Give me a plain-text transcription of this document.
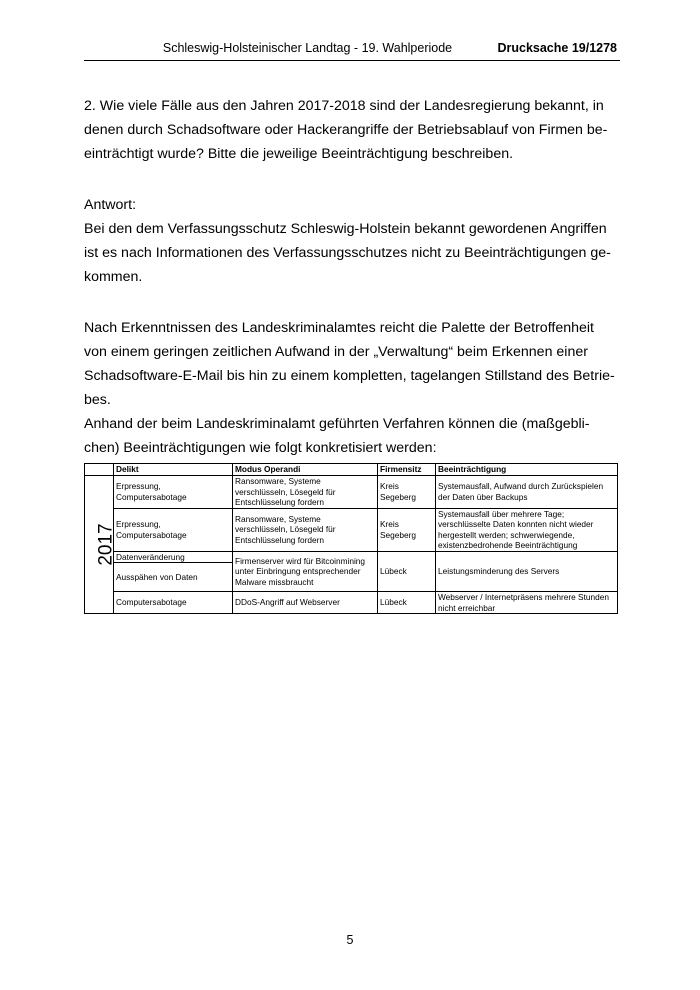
Schleswig-Holsteinischer Landtag - 19. Wahlperiode	Drucksache 19/1278

2. Wie viele Fälle aus den Jahren 2017-2018 sind der Landesregierung bekannt, in
denen durch Schadsoftware oder Hackerangriffe der Betriebsablauf von Firmen be-
einträchtigt wurde? Bitte die jeweilige Beeinträchtigung beschreiben.

Antwort:
Bei den dem Verfassungsschutz Schleswig-Holstein bekannt gewordenen Angriffen
ist es nach Informationen des Verfassungsschutzes nicht zu Beeinträchtigungen ge-
kommen.

Nach Erkenntnissen des Landeskriminalamtes reicht die Palette der Betroffenheit
von einem geringen zeitlichen Aufwand in der „Verwaltung“ beim Erkennen einer
Schadsoftware-E-Mail bis hin zu einem kompletten, tagelangen Stillstand des Betrie-
bes.
Anhand der beim Landeskriminalamt geführten Verfahren können die (maßgebli-
chen) Beeinträchtigungen wie folgt konkretisiert werden:

	Delikt	Modus Operandi	Firmensitz	Beeinträchtigung
2017	Erpressung, Computersabotage	Ransomware, Systeme verschlüsseln, Lösegeld für Entschlüsselung fordern	Kreis Segeberg	Systemausfall, Aufwand durch Zurückspielen der Daten über Backups
	Erpressung, Computersabotage	Ransomware, Systeme verschlüsseln, Lösegeld für Entschlüsselung fordern	Kreis Segeberg	Systemausfall über mehrere Tage; verschlüsselte Daten konnten nicht wieder hergestellt werden; schwerwiegende, existenzbedrohende Beeinträchtigung
	Datenveränderung	Firmenserver wird für Bitcoinmining unter Einbringung entsprechender Malware missbraucht	Lübeck	Leistungsminderung des Servers
	Ausspähen von Daten			
	Computersabotage	DDoS-Angriff auf Webserver	Lübeck	Webserver / Internetpräsens mehrere Stunden nicht erreichbar
5
